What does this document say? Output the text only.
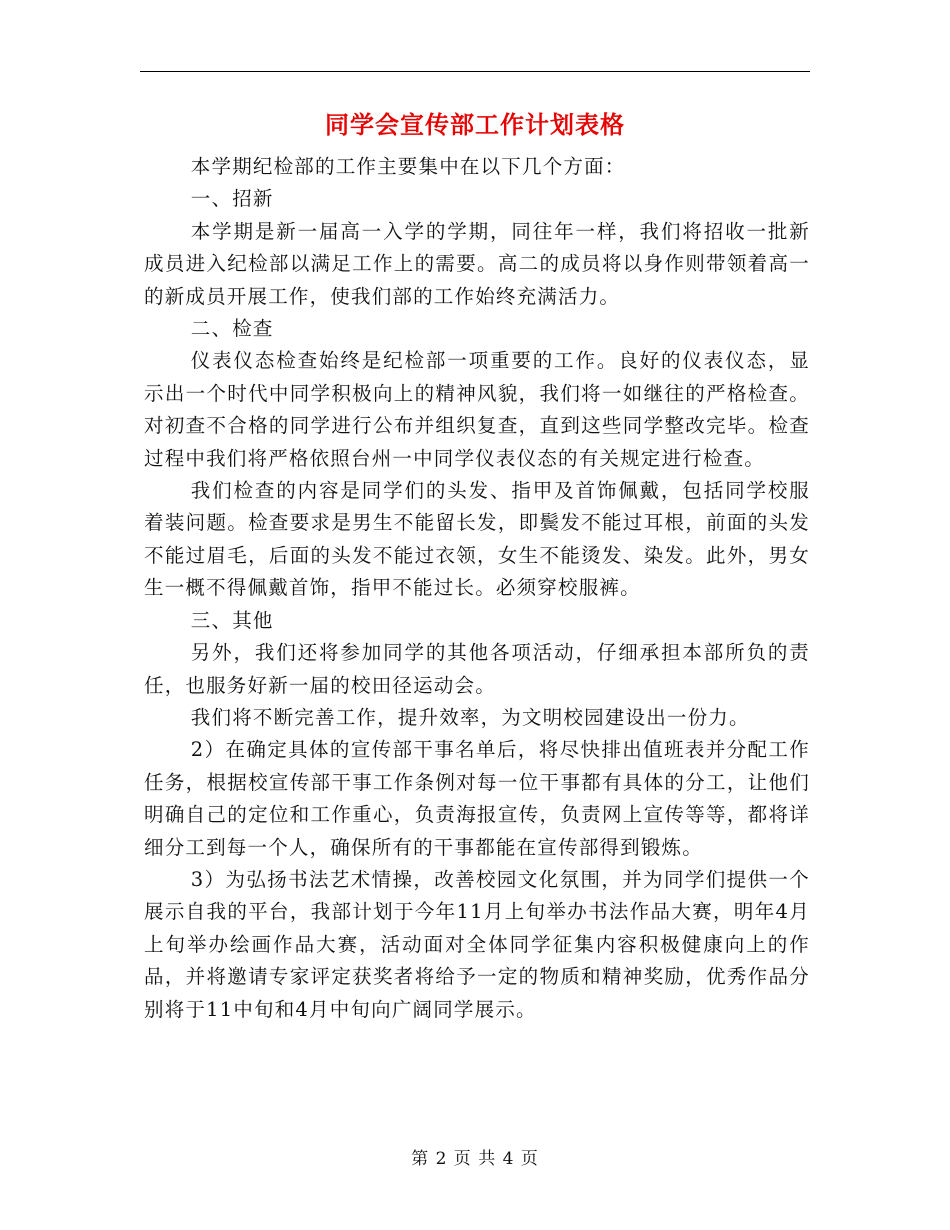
同学会宣传部工作计划表格

本学期纪检部的工作主要集中在以下几个方面：

一、招新

本学期是新一届高一入学的学期，同往年一样，我们将招收一批新成员进入纪检部以满足工作上的需要。高二的成员将以身作则带领着高一的新成员开展工作，使我们部的工作始终充满活力。

二、检查

仪表仪态检查始终是纪检部一项重要的工作。良好的仪表仪态，显示出一个时代中同学积极向上的精神风貌，我们将一如继往的严格检查。对初查不合格的同学进行公布并组织复查，直到这些同学整改完毕。检查过程中我们将严格依照台州一中同学仪表仪态的有关规定进行检查。

我们检查的内容是同学们的头发、指甲及首饰佩戴，包括同学校服着装问题。检查要求是男生不能留长发，即鬓发不能过耳根，前面的头发不能过眉毛，后面的头发不能过衣领，女生不能烫发、染发。此外，男女生一概不得佩戴首饰，指甲不能过长。必须穿校服裤。

三、其他

另外，我们还将参加同学的其他各项活动，仔细承担本部所负的责任，也服务好新一届的校田径运动会。

我们将不断完善工作，提升效率，为文明校园建设出一份力。

2）在确定具体的宣传部干事名单后，将尽快排出值班表并分配工作任务，根据校宣传部干事工作条例对每一位干事都有具体的分工，让他们明确自己的定位和工作重心，负责海报宣传，负责网上宣传等等，都将详细分工到每一个人，确保所有的干事都能在宣传部得到锻炼。

3）为弘扬书法艺术情操，改善校园文化氛围，并为同学们提供一个展示自我的平台，我部计划于今年11月上旬举办书法作品大赛，明年4月上旬举办绘画作品大赛，活动面对全体同学征集内容积极健康向上的作品，并将邀请专家评定获奖者将给予一定的物质和精神奖励，优秀作品分别将于11中旬和4月中旬向广阔同学展示。

第 2 页 共 4 页
